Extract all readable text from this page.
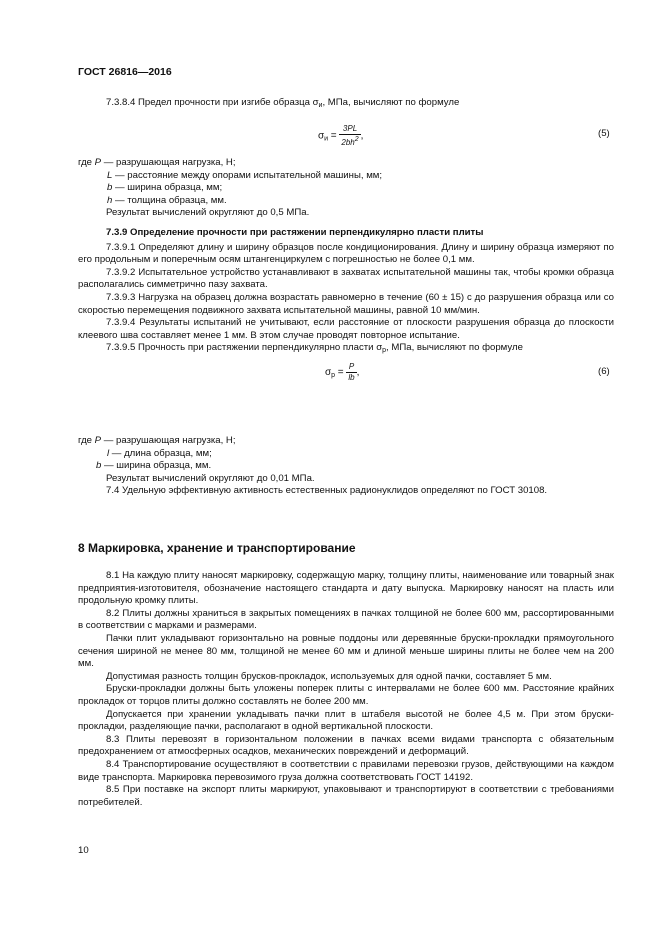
ГОСТ 26816—2016

7.3.8.4 Предел прочности при изгибе образца $\sigma_и$, МПа, вычисляют по формуле

$\sigma_и = \frac{3PL}{2bh2}$ ,	(5)

где P — разрушающая нагрузка, Н;

L — расстояние между опорами испытательной машины, мм;

b — ширина образца, мм;

h — толщина образца, мм.

Результат вычислений округляют до 0,5 МПа.

7.3.9 Определение прочности при растяжении перпендикулярно пласти плиты

7.3.9.1 Определяют длину и ширину образцов после кондиционирования. Длину и ширину образца измеряют по его продольным и поперечным осям штангенциркулем с погрешностью не более 0,1 мм.

7.3.9.2 Испытательное устройство устанавливают в захватах испытательной машины так, чтобы кромки образца располагались симметрично пазу захвата.

7.3.9.3 Нагрузка на образец должна возрастать равномерно в течение (60 ± 15) с до разрушения образца или со скоростью перемещения подвижного захвата испытательной машины, равной 10 мм/мин.

7.3.9.4 Результаты испытаний не учитывают, если расстояние от плоскости разрушения образца до плоскости клеевого шва составляет менее 1 мм. В этом случае проводят повторное испытание.

7.3.9.5 Прочность при растяжении перпендикулярно пласти $\sigma_р$, МПа, вычисляют по формуле

$\sigma_р = \frac{P}{lb}$ ,	(6)

где P — разрушающая нагрузка, Н;

l — длина образца, мм;

b — ширина образца, мм.

Результат вычислений округляют до 0,01 МПа.

7.4 Удельную эффективную активность естественных радионуклидов определяют по ГОСТ 30108.

8 Маркировка, хранение и транспортирование

8.1 На каждую плиту наносят маркировку, содержащую марку, толщину плиты, наименование или товарный знак предприятия-изготовителя, обозначение настоящего стандарта и дату выпуска. Маркировку наносят на пласть или продольную кромку плиты.

8.2 Плиты должны храниться в закрытых помещениях в пачках толщиной не более 600 мм, рассортированными в соответствии с марками и размерами.

Пачки плит укладывают горизонтально на ровные поддоны или деревянные бруски-прокладки прямоугольного сечения шириной не менее 80 мм, толщиной не менее 60 мм и длиной меньше ширины плиты не более чем на 200 мм.

Допустимая разность толщин брусков-прокладок, используемых для одной пачки, составляет 5 мм.

Бруски-прокладки должны быть уложены поперек плиты с интервалами не более 600 мм. Расстояние крайних прокладок от торцов плиты должно составлять не более 200 мм.

Допускается при хранении укладывать пачки плит в штабеля высотой не более 4,5 м. При этом бруски-прокладки, разделяющие пачки, располагают в одной вертикальной плоскости.

8.3 Плиты перевозят в горизонтальном положении в пачках всеми видами транспорта с обязательным предохранением от атмосферных осадков, механических повреждений и деформаций.

8.4 Транспортирование осуществляют в соответствии с правилами перевозки грузов, действующими на каждом виде транспорта. Маркировка перевозимого груза должна соответствовать ГОСТ 14192.

8.5 При поставке на экспорт плиты маркируют, упаковывают и транспортируют в соответствии с требованиями потребителей.

10
